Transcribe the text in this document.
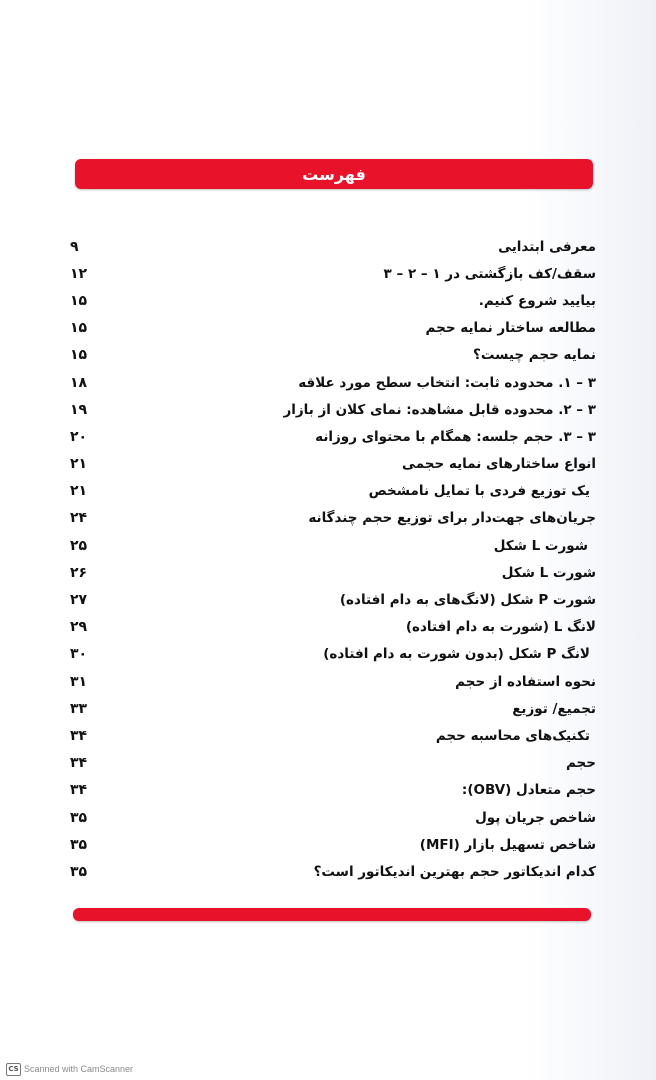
فهرست
معرفی ابتدایی
۹
سقف/کف بازگشتی در ۱ – ۲ – ۳
۱۲
بیایید شروع کنیم.
۱۵
مطالعه ساختار نمایه حجم
۱۵
نمایه حجم چیست؟
۱۵
۳ – ۱. محدوده ثابت: انتخاب سطح مورد علاقه
۱۸
۳ – ۲. محدوده قابل مشاهده: نمای کلان از بازار
۱۹
۳ – ۳. حجم جلسه: همگام با محتوای روزانه
۲۰
انواع ساختارهای نمایه حجمی
۲۱
یک توزیع فردی با تمایل نامشخص
۲۱
جریان‌های جهت‌دار برای توزیع حجم چندگانه
۲۴
شورت L شکل
۲۵
شورت L شکل
۲۶
شورت P شکل (لانگ‌های به دام افتاده)
۲۷
لانگ L (شورت به دام افتاده)
۲۹
لانگ P شکل (بدون شورت به دام افتاده)
۳۰
نحوه استفاده از حجم
۳۱
تجمیع/ توزیع
۳۳
تکنیک‌های محاسبه حجم
۳۴
حجم
۳۴
حجم متعادل (OBV):
۳۴
شاخص جریان پول
۳۵
شاخص تسهیل بازار (MFI)
۳۵
کدام اندیکاتور حجم بهترین اندیکاتور است؟
۳۵
CS Scanned with CamScanner
